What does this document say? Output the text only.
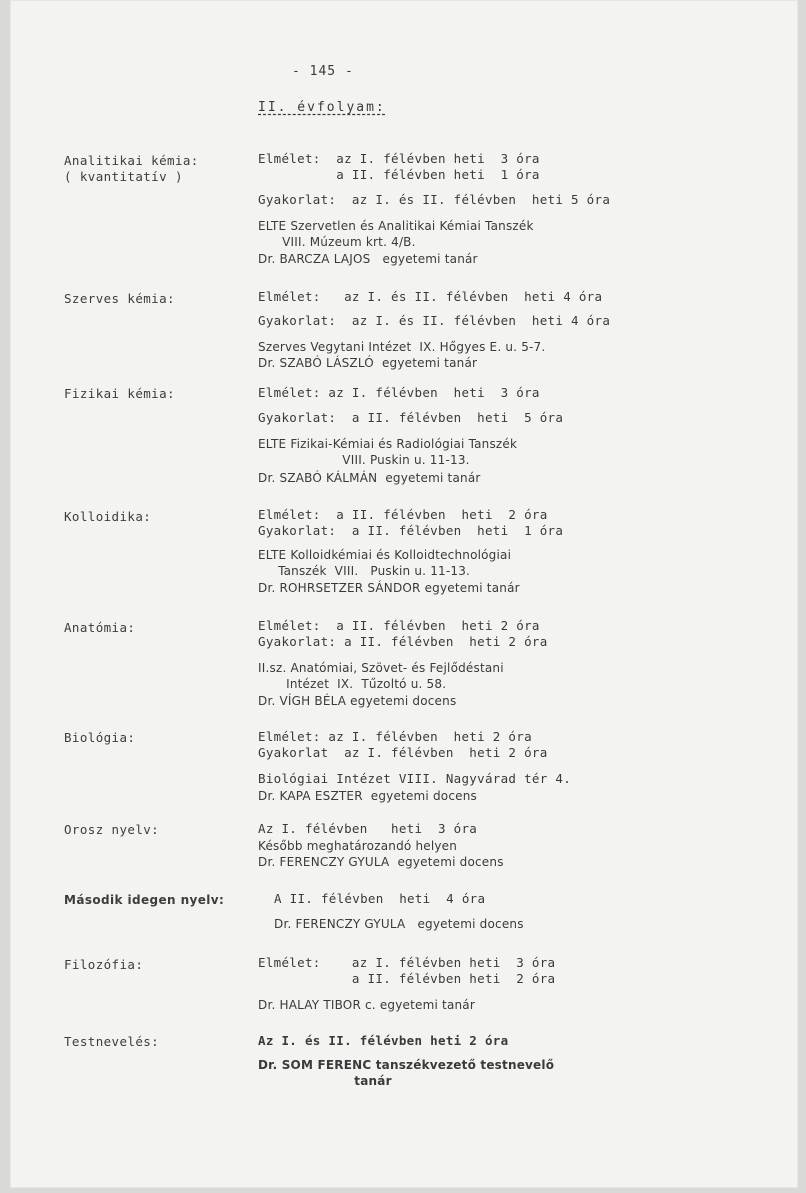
- 145 -
II. évfolyam:
Analitikai kémia:
( kvantitatív )
Szerves kémia:
Fizikai kémia:
Kolloidika:
Anatómia:
Biológia:
Orosz nyelv:
Második idegen nyelv:
Filozófia:
Testnevelés:
Elmélet:  az I. félévben heti  3 óra
a II. félévben heti  1 óra
Gyakorlat:  az I. és II. félévben  heti 5 óra
ELTE Szervetlen és Analitikai Kémiai Tanszék
VIII. Múzeum krt. 4/B.
Dr. BARCZA LAJOS   egyetemi tanár
Elmélet:   az I. és II. félévben  heti 4 óra
Gyakorlat:  az I. és II. félévben  heti 4 óra
Szerves Vegytani Intézet  IX. Hőgyes E. u. 5-7.
Dr. SZABÓ LÁSZLÓ  egyetemi tanár
Elmélet: az I. félévben  heti  3 óra
Gyakorlat:  a II. félévben  heti  5 óra
ELTE Fizikai-Kémiai és Radiológiai Tanszék
VIII. Puskin u. 11-13.
Dr. SZABÓ KÁLMÁN  egyetemi tanár
Elmélet:  a II. félévben  heti  2 óra
Gyakorlat:  a II. félévben  heti  1 óra
ELTE Kolloidkémiai és Kolloidtechnológiai
Tanszék  VIII.   Puskin u. 11-13.
Dr. ROHRSETZER SÁNDOR egyetemi tanár
Elmélet:  a II. félévben  heti 2 óra
Gyakorlat: a II. félévben  heti 2 óra
II.sz. Anatómiai, Szövet- és Fejlődéstani
Intézet  IX.  Tűzoltó u. 58.
Dr. VÍGH BÉLA egyetemi docens
Elmélet: az I. félévben  heti 2 óra
Gyakorlat  az I. félévben  heti 2 óra
Biológiai Intézet VIII. Nagyvárad tér 4.
Dr. KAPA ESZTER  egyetemi docens
Az I. félévben   heti  3 óra
Később meghatározandó helyen
Dr. FERENCZY GYULA  egyetemi docens
A II. félévben  heti  4 óra
Dr. FERENCZY GYULA   egyetemi docens
Elmélet:    az I. félévben heti  3 óra
a II. félévben heti  2 óra
Dr. HALAY TIBOR c. egyetemi tanár
Az I. és II. félévben heti 2 óra
Dr. SOM FERENC tanszékvezető testnevelő
tanár
